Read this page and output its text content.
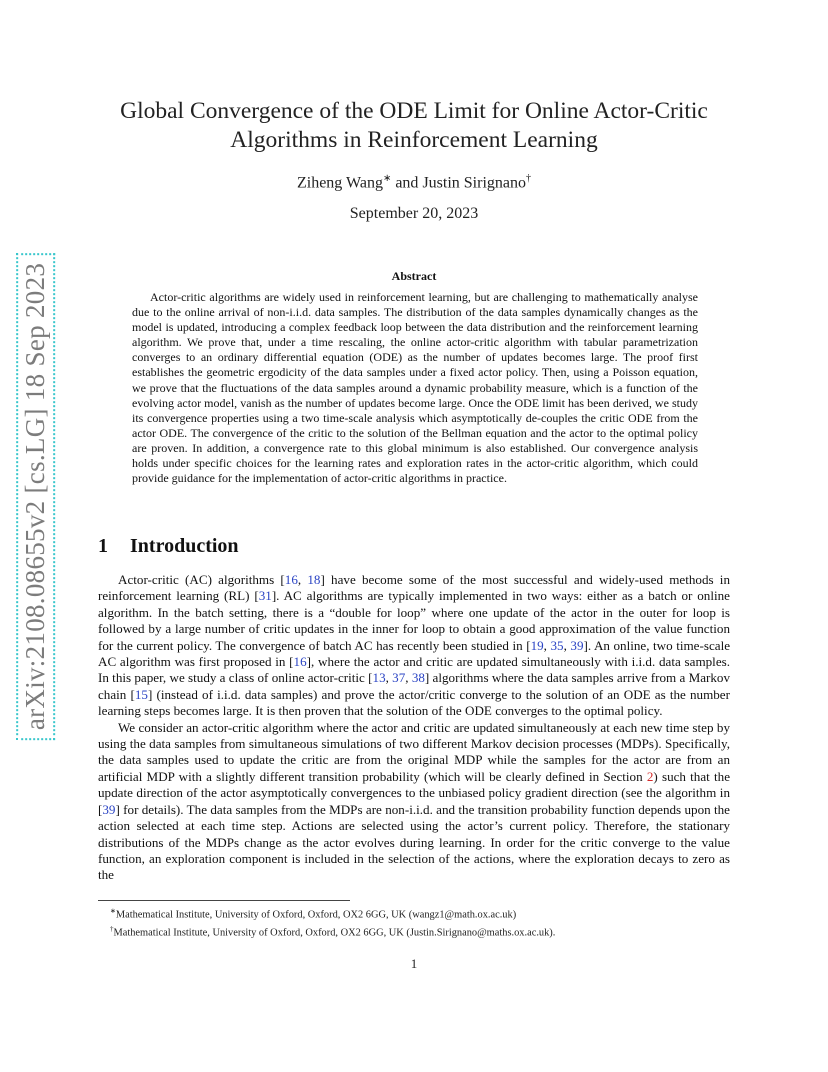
arXiv:2108.08655v2 [cs.LG] 18 Sep 2023
Global Convergence of the ODE Limit for Online Actor-Critic
Algorithms in Reinforcement Learning
Ziheng Wang∗ and Justin Sirignano†
September 20, 2023
Abstract

Actor-critic algorithms are widely used in reinforcement learning, but are challenging to mathematically analyse due to the online arrival of non-i.i.d. data samples. The distribution of the data samples dynamically changes as the model is updated, introducing a complex feedback loop between the data distribution and the reinforcement learning algorithm. We prove that, under a time rescaling, the online actor-critic algorithm with tabular parametrization converges to an ordinary differential equation (ODE) as the number of updates becomes large. The proof first establishes the geometric ergodicity of the data samples under a fixed actor policy. Then, using a Poisson equation, we prove that the fluctuations of the data samples around a dynamic probability measure, which is a function of the evolving actor model, vanish as the number of updates become large. Once the ODE limit has been derived, we study its convergence properties using a two time-scale analysis which asymptotically de-couples the critic ODE from the actor ODE. The convergence of the critic to the solution of the Bellman equation and the actor to the optimal policy are proven. In addition, a convergence rate to this global minimum is also established. Our convergence analysis holds under specific choices for the learning rates and exploration rates in the actor-critic algorithm, which could provide guidance for the implementation of actor-critic algorithms in practice.

1 Introduction

Actor-critic (AC) algorithms [16, 18] have become some of the most successful and widely-used methods in reinforcement learning (RL) [31]. AC algorithms are typically implemented in two ways: either as a batch or online algorithm. In the batch setting, there is a “double for loop” where one update of the actor in the outer for loop is followed by a large number of critic updates in the inner for loop to obtain a good approximation of the value function for the current policy. The convergence of batch AC has recently been studied in [19, 35, 39]. An online, two time-scale AC algorithm was first proposed in [16], where the actor and critic are updated simultaneously with i.i.d. data samples. In this paper, we study a class of online actor-critic [13, 37, 38] algorithms where the data samples arrive from a Markov chain [15] (instead of i.i.d. data samples) and prove the actor/critic converge to the solution of an ODE as the number learning steps becomes large. It is then proven that the solution of the ODE converges to the optimal policy.

We consider an actor-critic algorithm where the actor and critic are updated simultaneously at each new time step by using the data samples from simultaneous simulations of two different Markov decision processes (MDPs). Specifically, the data samples used to update the critic are from the original MDP while the samples for the actor are from an artificial MDP with a slightly different transition probability (which will be clearly defined in Section 2) such that the update direction of the actor asymptotically convergences to the unbiased policy gradient direction (see the algorithm in [39] for details). The data samples from the MDPs are non-i.i.d. and the transition probability function depends upon the action selected at each time step. Actions are selected using the actor’s current policy. Therefore, the stationary distributions of the MDPs change as the actor evolves during learning. In order for the critic converge to the value function, an exploration component is included in the selection of the actions, where the exploration decays to zero as the

∗Mathematical Institute, University of Oxford, Oxford, OX2 6GG, UK (wangz1@math.ox.ac.uk)
†Mathematical Institute, University of Oxford, Oxford, OX2 6GG, UK (Justin.Sirignano@maths.ox.ac.uk).
1
